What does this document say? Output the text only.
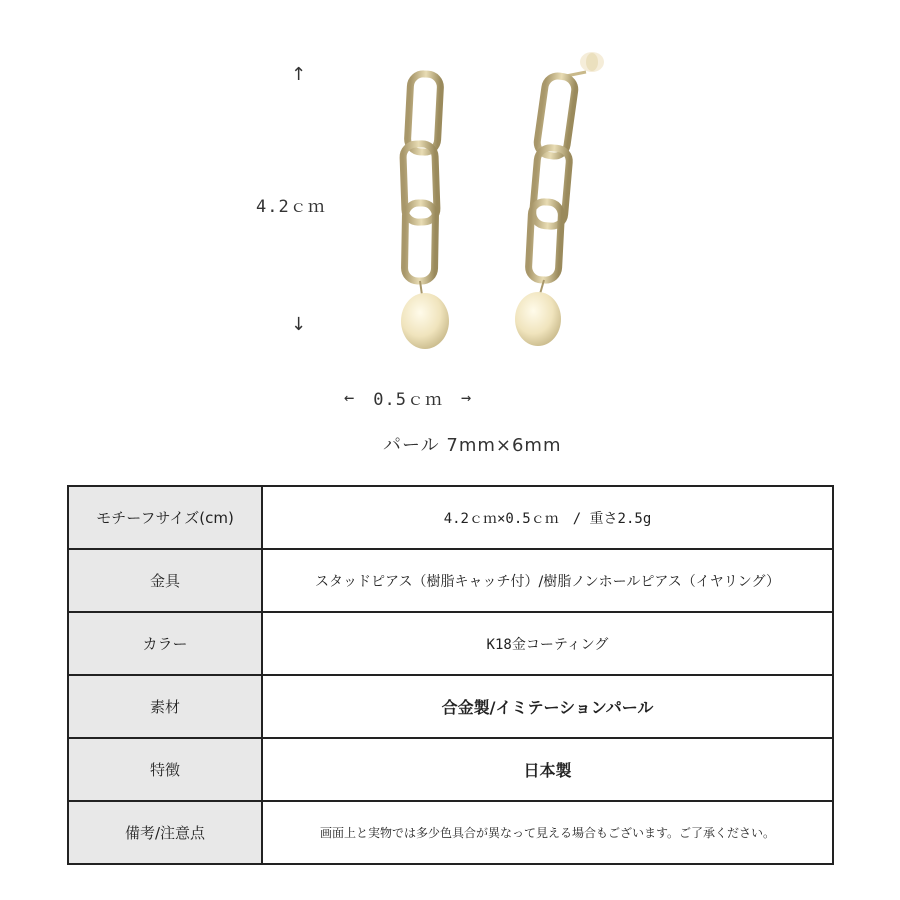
↑
4.2ｃｍ
↓
← 0.5ｃｍ →
パール 7mm×6mm
モチーフサイズ(cm)	4.2ｃｍ×0.5ｃｍ　/ 重さ2.5g
金具	スタッドピアス（樹脂キャッチ付）/樹脂ノンホールピアス（イヤリング）
カラー	K18金コーティング
素材	合金製/イミテーションパール
特徴	日本製
備考/注意点	画面上と実物では多少色具合が異なって見える場合もございます。ご了承ください。
